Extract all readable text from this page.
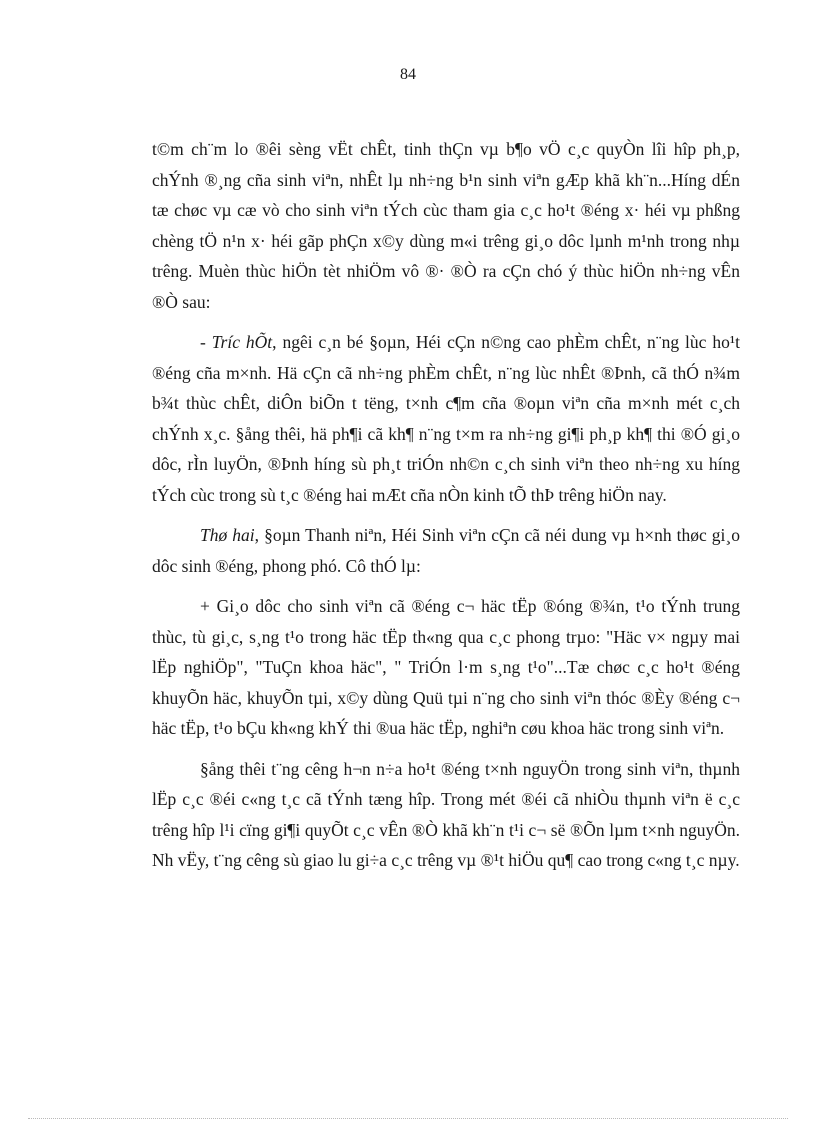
84

t©m ch¨m lo ®êi sèng vËt chÊt, tinh thÇn vµ b¶o vÖ c¸c quyÒn lîi hîp ph¸p, chÝnh ®¸ng cña sinh viªn, nhÊt lµ nh÷ng b¹n sinh viªn gÆp khã kh¨n...Híng dÉn tæ chøc vµ cæ vò cho sinh viªn tÝch cùc tham gia c¸c ho¹t ®éng x· héi vµ phßng chèng tÖ n¹n x· héi gãp phÇn x©y dùng m«i trêng gi¸o dôc lµnh m¹nh trong nhµ trêng. Muèn thùc hiÖn tèt nhiÖm vô ®· ®Ò ra cÇn chó ý thùc hiÖn nh÷ng vÊn ®Ò sau:

- Tríc hÕt, ngêi c¸n bé §oµn, Héi cÇn n©ng cao phÈm chÊt, n¨ng lùc ho¹t ®éng cña m×nh. Hä cÇn cã nh÷ng phÈm chÊt, n¨ng lùc nhÊt ®Þnh, cã thÓ n¾m b¾t thùc chÊt, diÔn biÕn t tëng, t×nh c¶m cña ®oµn viªn cña m×nh mét c¸ch chÝnh x¸c. §ång thêi, hä ph¶i cã kh¶ n¨ng t×m ra nh÷ng gi¶i ph¸p kh¶ thi ®Ó gi¸o dôc, rÌn luyÖn, ®Þnh híng sù ph¸t triÓn nh©n c¸ch sinh viªn theo nh÷ng xu híng tÝch cùc trong sù t¸c ®éng hai mÆt cña nÒn kinh tÕ thÞ trêng hiÖn nay.

Thø hai, §oµn Thanh niªn, Héi Sinh viªn cÇn cã néi dung vµ h×nh thøc gi¸o dôc sinh ®éng, phong phó. Cô thÓ lµ:

+ Gi¸o dôc cho sinh viªn cã ®éng c¬ häc tËp ®óng ®¾n, t¹o tÝnh trung thùc, tù gi¸c, s¸ng t¹o trong häc tËp th«ng qua c¸c phong trµo: "Häc v× ngµy mai lËp nghiÖp", "TuÇn khoa häc", " TriÓn l·m s¸ng t¹o"...Tæ chøc c¸c ho¹t ®éng khuyÕn häc, khuyÕn tµi, x©y dùng Quü tµi n¨ng cho sinh viªn thóc ®Èy ®éng c¬ häc tËp, t¹o bÇu kh«ng khÝ thi ®ua häc tËp, nghiªn cøu khoa häc trong sinh viªn.

§ång thêi t¨ng cêng h¬n n÷a ho¹t ®éng t×nh nguyÖn trong sinh viªn, thµnh lËp c¸c ®éi c«ng t¸c cã tÝnh tæng hîp. Trong mét ®éi cã nhiÒu thµnh viªn ë c¸c trêng hîp l¹i cïng gi¶i quyÕt c¸c vÊn ®Ò khã kh¨n t¹i c¬ së ®Õn lµm t×nh nguyÖn. Nh vËy, t¨ng cêng sù giao lu gi÷a c¸c trêng vµ ®¹t hiÖu qu¶ cao trong c«ng t¸c nµy.
